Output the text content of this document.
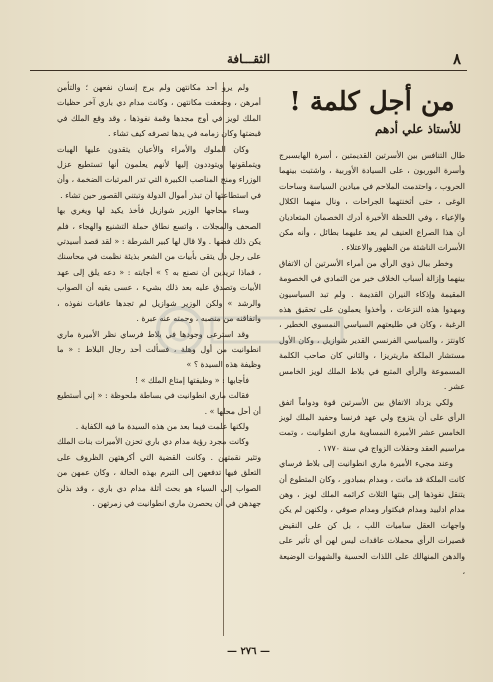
٨
الثقـــافة
من أجل كلمة !
للأستاذ علي أدهم

طال التنافس بين الأسرتين القديمتين ، أسرة الهابسبرج وأسرة البوربون ، على السيادة الأوربية ، واشتبت بينهما الحروب ، واحتدمت الملاحم في ميادين السياسة وساحات الوغى ، حتى أثخنتهما الجراحات ، ونال منهما الكلال والإعياء ، وفي اللحظة الأخيرة أدرك الخصمان المتعاديان أن هذا الصراع العنيف لم يعد عليهما بطائل ، وأنه مكن الأسرات الناشئة من الظهور والاعتلاء .

وخطر ببال ذوي الرأي من أمراء الأسرتين أن الاتفاق بينهما وإزالة أسباب الخلاف خير من التمادي في الخصومة المقيمة وإذكاء النيران القديمة . ولم تبد السياسيون ومهدوا هذه النزعات ، وأخذوا يعملون على تحقيق هذه الرغبة ، وكان في طليعتهم السياسي النمسوي الخطير ، كاونتز ، والسياسي الفرنسي القدير شوازيل ، وكان الأول مستشار الملكة ماريتريزا ، والثاني كان صاحب الكلمة المسموعة والرأي المتبع في بلاط الملك لويز الخامس عشر .

ولكي يزداد الاتفاق بين الأسرتين قوة ودواماً اتفق الرأي على أن يتزوج ولي عهد فرنسا وحفيد الملك لويز الخامس عشر الأميرة النمساوية ماري انطوانيت ، وتمت مراسيم العقد وحفلات الزواج في سنة ١٧٧٠ .

وعند مجيء الأميرة ماري انطوانيت إلى بلاط فرساي كانت الملكة قد ماتت ، ومدام بمبادور ، وكان المتطوع أن يتنقل نفوذها إلى بنتها الثلاث كرائمه الملك لويز ، وهن مدام ادلييد ومدام فيكتوار ومدام صوفي ، ولكنهن لم يكن واجهات العقل ساميات اللب ، بل كن على النقيض قصيرات الرأي محملات عاقدات ليس لهن أي تأثير على والدهن المنهالك على اللذات الحسية والشهوات الوضيعة ،

ولم يرو أحد مكانتهن ولم يرج إنسان نفعهن ؛ والتأمن أمرهن ، وضعفت مكانتهن ، وكانت مدام دي باري آخر حظيات الملك لويز في أوج مجدها وقمة نفوذها ، وقد وقع الملك في قبضتها وكان زمامه في يدها تصرفه كيف تشاء .

وكان الملوك والأمراء والأعيان يتقدون عليها الهبات ويتملقونها ويتوددون إليها لأنهم يعلمون أنها تستطيع عزل الوزراء ومنح المناصب الكبيرة التي تدر المرتبات الضخمة ، وأن في استطاعتها أن تبذر أموال الدولة وتبتني القصور حين تشاء .

وساء محاجها الوزير شوازيل فأخذ يكيد لها ويغري بها الصحف والمجلات ، واتسع نطاق حملة التشنيع والهجاء ، فلم يكن ذلك فضها . ولا قال لها كبير الشرطة : « لقد قصد أسيدتي على رجل دل يتقى بأبيات من الشعر بذيئة نظمت في محاسنك ، فماذا تريدين أن نصنع به ؟ » أجابته : « دعه يلق إلى عهد الأبيات وتصدق عليه بعد ذلك بشيء ، عسى يقيه أن الصواب والرشد » ولكن الوزير شوازيل لم تجدها عاقبات نفوذه ، واتفاقنه من منصبه ، وحمته عنه عبرة .

وقد استرعى وجودها في بلاط فرساي نظر الأميرة ماري انطوانيت من أول وهلة ، فسألت أحد رجال البلاط : « ما وظيفة هذه السيدة ؟ »

فأجابها : « وظيفتها إمتاع الملك » !

فقالت ماري انطوانيت في بساطة ملحوظة : « إني أستطيع أن أحل محلها » .

ولكنها علمت فيما بعد من هذه السيدة ما فيه الكفاية .

وكانت مجرد رؤية مدام دي باري تحزن الأميرات بنات الملك وتثير نقمتهن . وكانت القضية التي أكرهتهن الظروف على التعلق فيها تدفعهن إلى التبرم بهذه الحالة ، وكان عمهن من الصواب إلى السياء هو بحث أثلة مدام دي باري ، وقد بذلن جهدهن في أن يحصرن ماري انطوانيت في زمرتهن .

— ٢٧٦ —
